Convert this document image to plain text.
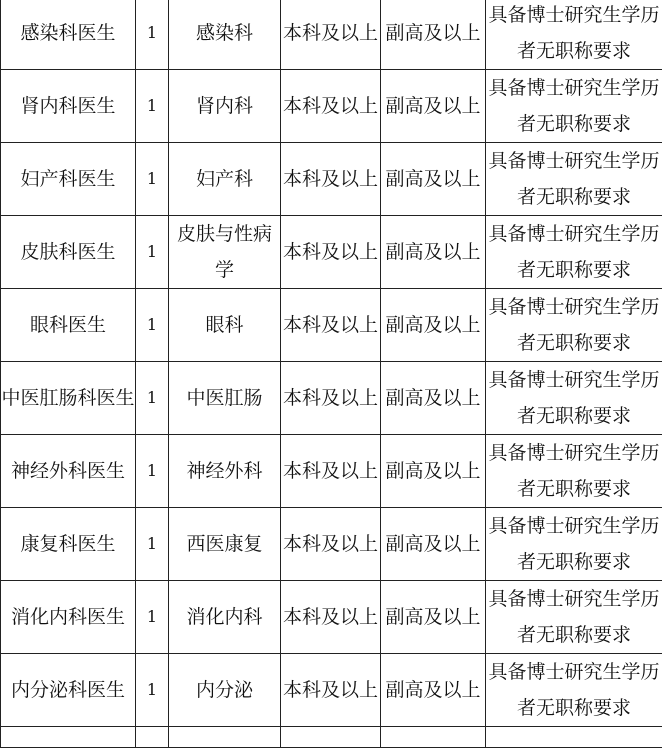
感染科医生	1	感染科	本科及以上	副高及以上	具备博士研究生学历者无职称要求
肾内科医生	1	肾内科	本科及以上	副高及以上	具备博士研究生学历者无职称要求
妇产科医生	1	妇产科	本科及以上	副高及以上	具备博士研究生学历者无职称要求
皮肤科医生	1	皮肤与性病学	本科及以上	副高及以上	具备博士研究生学历者无职称要求
眼科医生	1	眼科	本科及以上	副高及以上	具备博士研究生学历者无职称要求
中医肛肠科医生	1	中医肛肠	本科及以上	副高及以上	具备博士研究生学历者无职称要求
神经外科医生	1	神经外科	本科及以上	副高及以上	具备博士研究生学历者无职称要求
康复科医生	1	西医康复	本科及以上	副高及以上	具备博士研究生学历者无职称要求
消化内科医生	1	消化内科	本科及以上	副高及以上	具备博士研究生学历者无职称要求
内分泌科医生	1	内分泌	本科及以上	副高及以上	具备博士研究生学历者无职称要求
